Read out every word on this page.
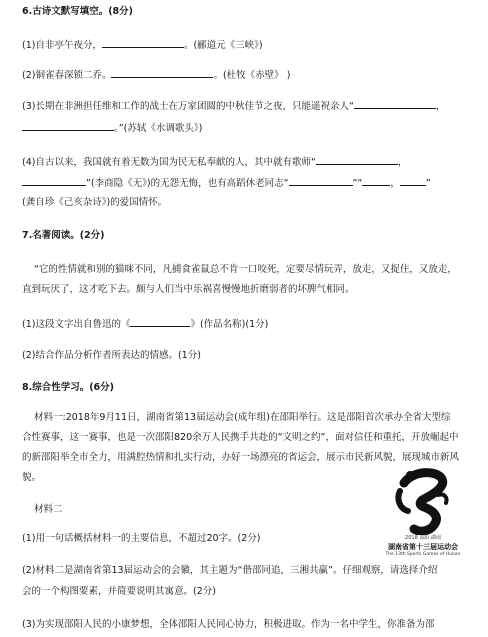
6.古诗文默写填空。(8分)
(1)自非亭午夜分，	。(郦道元《三峡》)
(2)铜雀春深锁二乔。	。(杜牧《赤壁》 )
(3)长期在非洲担任维和工作的战士在万家团圆的中秋佳节之夜，只能遥祝亲人“	，
。”(苏轼《水调歌头》)
(4)自古以来，我国就有着无数为国为民无私奉献的人，其中就有歌师“	，
”(李商隐《无》)的无怨无悔，也有高蹈休老同志“	”“	，	”
(龚自珍《己亥杂诗》)的爱国情怀。
7.名著阅读。(2分)
“它的性情就和别的猫咪不同，凡捕食雀鼠总不肯一口咬死，定要尽情玩弄，放走，又捉住，又放走，
直到玩厌了，这才吃下去。颇与人们当中乐祸喜慢慢地折磨弱者的坏脾气相同。
(1)这段文字出自鲁迅的《	》(作品名称)(1分)
(2)结合作品分析作者所表达的情感。(1分)
8.综合性学习。(6分)
材料一:2018年9月11日，湖南省第13届运动会(成年组)在邵阳举行。这是邵阳首次承办全省大型综
合性赛事，这一赛事，也是一次邵阳820余万人民携手共赴的“文明之约”，面对信任和重托，开放崛起中
的新邵阳举全市全力，用满腔热情和扎实行动，办好一场漂亮的省运会，展示市民新风貌，展现城市新风
貌。
材料二
(1)用一句话概括材料一的主要信息，不超过20字。(2分)
(2)材料二是湖南省第13届运动会的会徽，其主题为“偕邵同追，三湘共赢”。仔细观察，请选择介绍
会的一个构图要素，并简要说明其寓意。(2分)
(3)为实现邵阳人民的小康梦想，全体邵阳人民同心协力，积极进取。作为一名中学生，你准备为邵
2018 邵阳·湖南
湖南省第十三届运动会
The 13th Sports Games of Hunan
